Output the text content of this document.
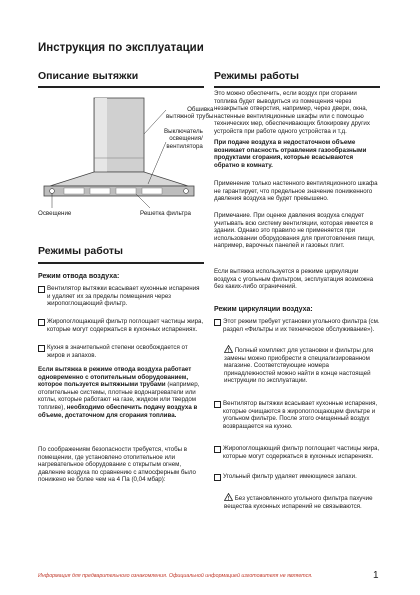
Инструкция по эксплуатации
Описание вытяжки
Обшивка
вытяжной трубы
Выключатель
освещения/
вентилятора
Освещение	Решетка фильтра
Режимы работы
Режим отвода воздуха:
Вентилятор вытяжки всасывает кухонные испарения и удаляет их за пределы помещения через жиропоглощающий фильтр.
Жиропоглощающий фильтр поглощает частицы жира, которые могут содержаться в кухонных испарениях.
Кухня в значительной степени освобождается от жиров и запахов.
Если вытяжка в режиме отвода воздуха работает одновременно с отопительным оборудованием, которое пользуется вытяжными трубами (например, отопительные системы, плотные водонагреватели или котлы, которые работают на газе, жидком или твердом топливе), необходимо обеспечить подачу воздуха в объеме, достаточном для сгорания топлива.
По соображениям безопасности требуется, чтобы в помещении, где установлено отопительное или нагревательное оборудование с открытым огнем, давление воздуха по сравнению с атмосферным было понижено не более чем на 4 Па (0,04 мбар):
Режимы работы
Это можно обеспечить, если воздух при сгорании топлива будет выводиться из помещения через незакрытые отверстия, например, через двери, окна, настенные вентиляционные шкафы или с помощью технических мер, обеспечивающих блокировку других устройств при работе одного устройства и т.д.
При подаче воздуха в недостаточном объеме возникает опасность отравления газообразными продуктами сгорания, которые всасываются обратно в комнату.
Применение только настенного вентиляционного шкафа не гарантирует, что предельное значение пониженного давления воздуха не будет превышено.
Примечание. При оценке давления воздуха следует учитывать всю систему вентиляции, которая имеется в здании. Однако это правило не применяется при использовании оборудования для приготовления пищи, например, варочных панелей и газовых плит.
Если вытяжка используется в режиме циркуляции воздуха с угольным фильтром, эксплуатация возможна без каких-либо ограничений.
Режим циркуляции воздуха:
Этот режим требует установки угольного фильтра (см. раздел «Фильтры и их техническое обслуживание»).
! Полный комплект для установки и фильтры для замены можно приобрести в специализированном магазине. Соответствующие номера принадлежностей можно найти в конце настоящей инструкции по эксплуатации.
Вентилятор вытяжки всасывает кухонные испарения, которые очищаются в жиропоглощающем фильтре и угольном фильтре. После этого очищенный воздух возвращается на кухню.
Жиропоглощающий фильтр поглощает частицы жира, которые могут содержаться в кухонных испарениях.
Угольный фильтр удаляет имеющиеся запахи.
! Без установленного угольного фильтра пахучие вещества кухонных испарений не связываются.
Информация для предварительного ознакомления. Официальной информацией изготовителя не является.	1
